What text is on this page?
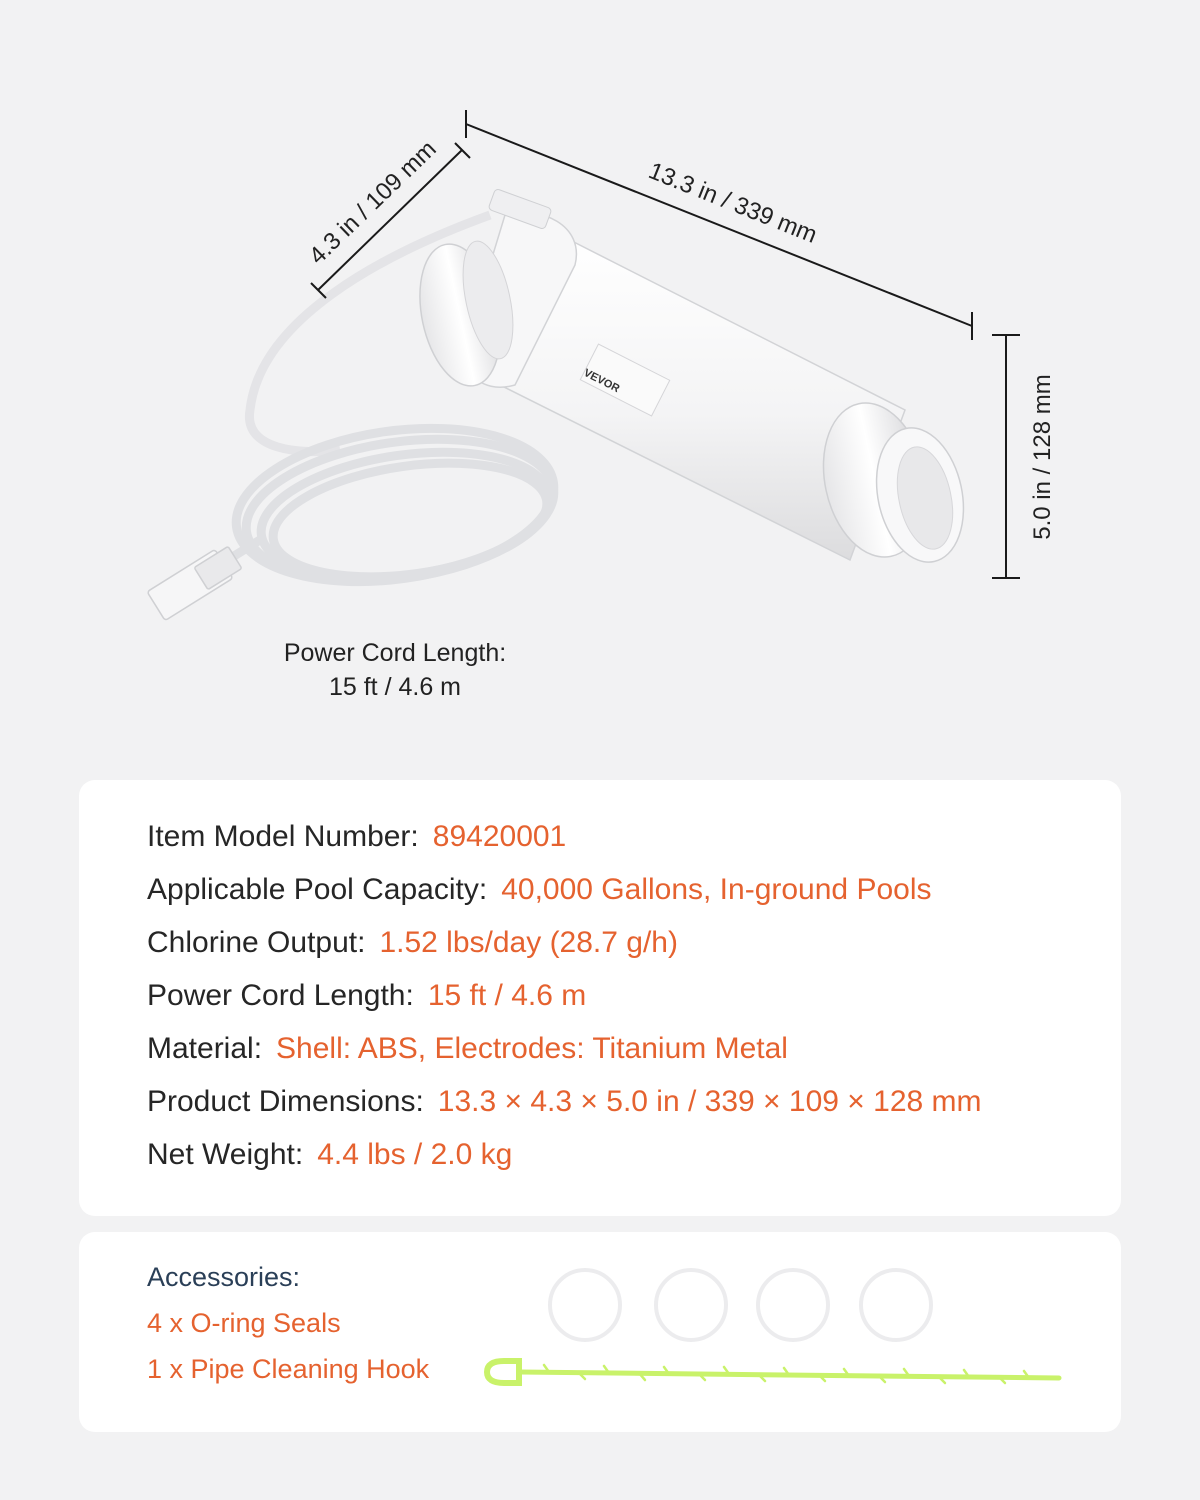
VEVOR
13.3 in / 339 mm
4.3 in / 109 mm
5.0 in / 128 mm
Power Cord Length:
15 ft / 4.6 m
Item Model Number: 89420001
Applicable Pool Capacity: 40,000 Gallons, In-ground Pools
Chlorine Output: 1.52 lbs/day (28.7 g/h)
Power Cord Length: 15 ft / 4.6 m
Material: Shell: ABS, Electrodes: Titanium Metal
Product Dimensions: 13.3 × 4.3 × 5.0 in / 339 × 109 × 128 mm
Net Weight: 4.4 lbs / 2.0 kg
Accessories:
4 x O-ring Seals
1 x Pipe Cleaning Hook
